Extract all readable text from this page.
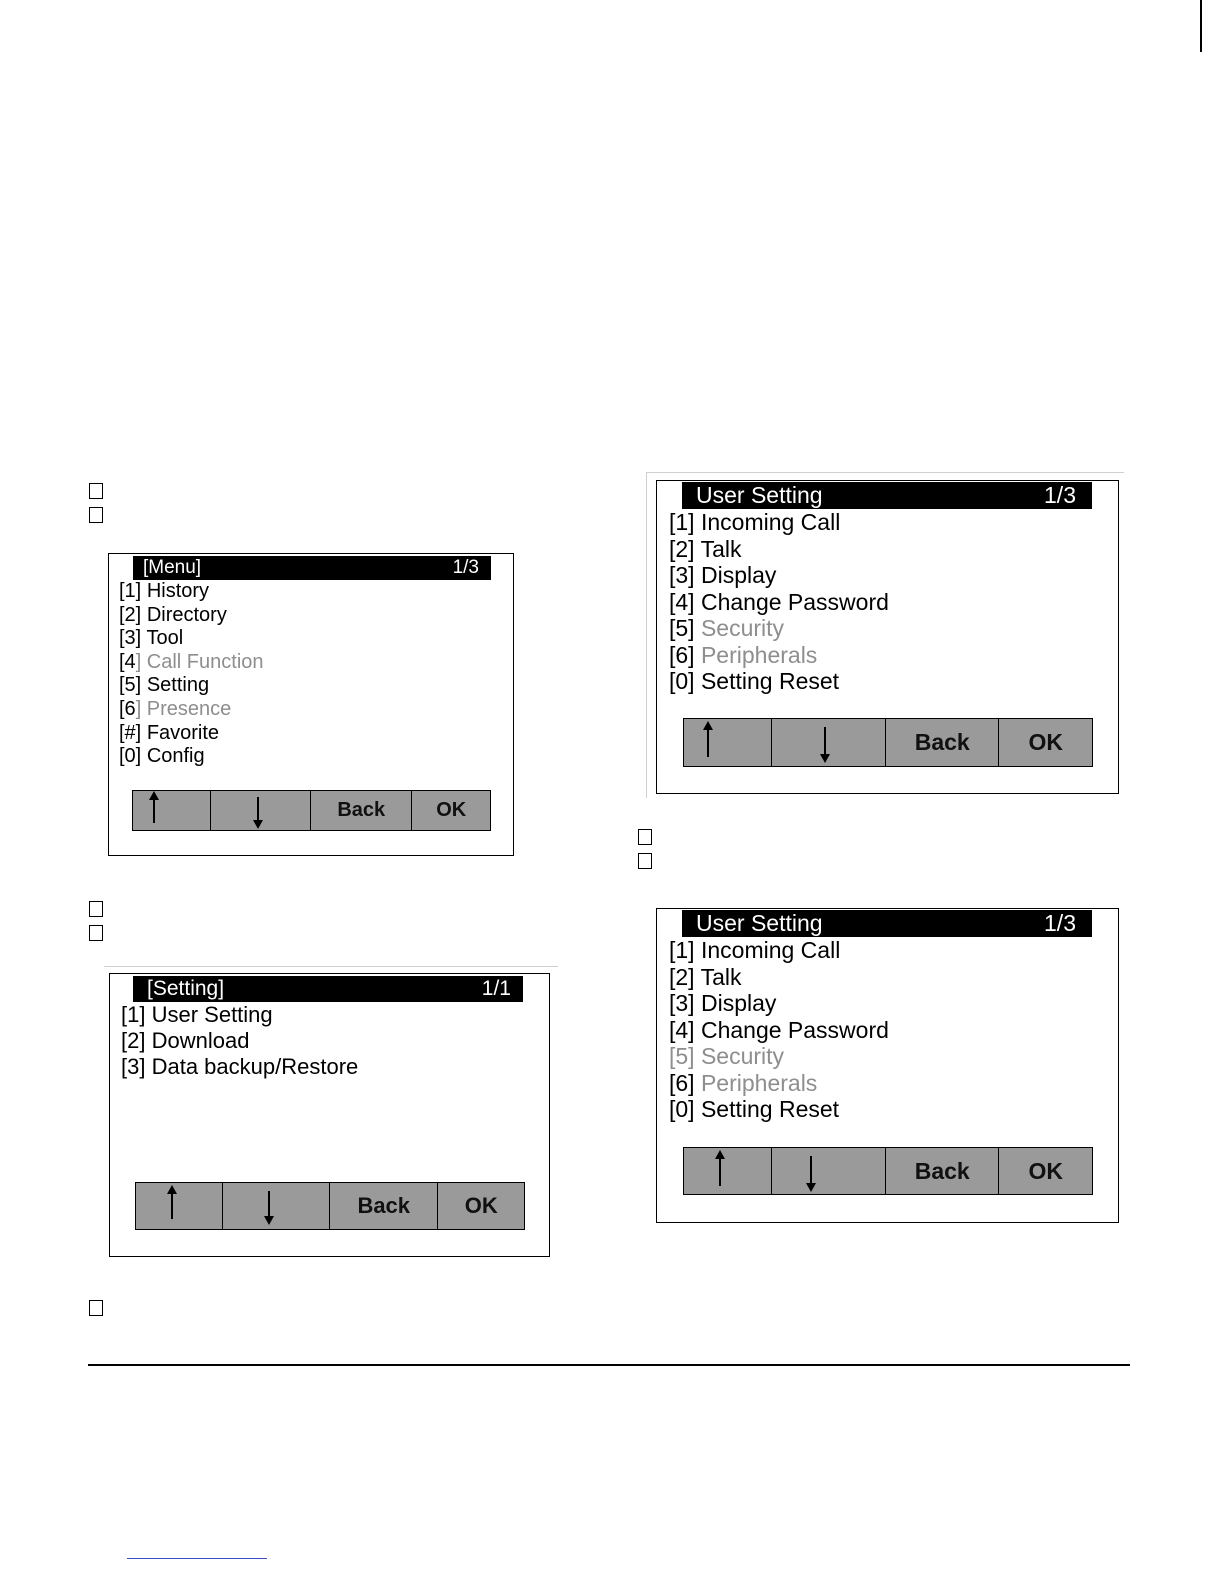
[Menu]	1/3
[1] History
[2] Directory
[3] Tool
[4] Call Function
[5] Setting
[6] Presence
[#] Favorite
[0] Config
Back	OK
[Setting]	1/1
[1] User Setting
[2] Download
[3] Data backup/Restore
Back	OK
User Setting	1/3
[1] Incoming Call
[2] Talk
[3] Display
[4] Change Password
[5] Security
[6] Peripherals
[0] Setting Reset
Back	OK
User Setting	1/3
[1] Incoming Call
[2] Talk
[3] Display
[4] Change Password
[5] Security
[6] Peripherals
[0] Setting Reset
Back	OK
